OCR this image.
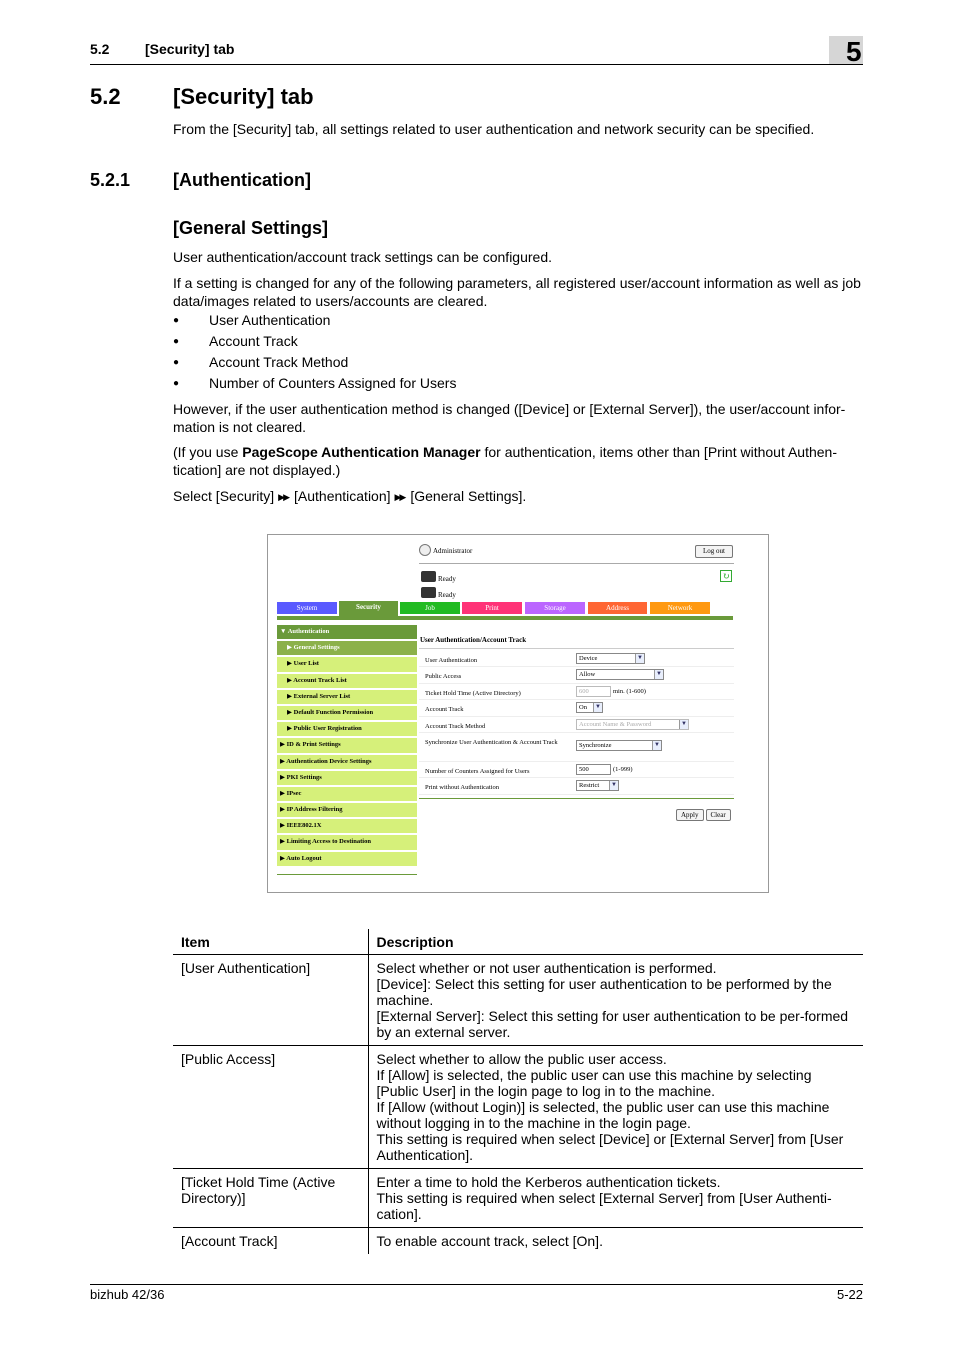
5.2	[Security] tab	5
5.2 [Security] tab
From the [Security] tab, all settings related to user authentication and network security can be specified.
5.2.1 [Authentication]
[General Settings]
User authentication/account track settings can be configured.
If a setting is changed for any of the following parameters, all registered user/account information as well as job data/images related to users/accounts are cleared.
● User Authentication
● Account Track
● Account Track Method
● Number of Counters Assigned for Users
However, if the user authentication method is changed ([Device] or [External Server]), the user/account infor-mation is not cleared.
(If you use PageScope Authentication Manager for authentication, items other than [Print without Authen-tication] are not displayed.)
Select [Security] ▶▶ [Authentication] ▶▶ [General Settings].
Administrator	Log out
Ready
Ready
↻
System	Security	Job	Print	Storage	Address	Network
▼ Authentication
▶ General Settings
▶ User List
▶ Account Track List
▶ External Server List
▶ Default Function Permission
▶ Public User Registration
▶ ID & Print Settings
▶ Authentication Device Settings
▶ PKI Settings
▶ IPsec
▶ IP Address Filtering
▶ IEEE802.1X
▶ Limiting Access to Destination
▶ Auto Logout
User Authentication/Account Track
User Authentication	Device	▼
Public Access	Allow	▼
Ticket Hold Time (Active Directory)	600	min. (1-600)
Account Track	On	▼
Account Track Method	Account Name & Password	▼
Synchronize User Authentication & Account Track	Synchronize	▼
Number of Counters Assigned for Users	500	(1-999)
Print without Authentication	Restrict	▼
Apply Clear
Item	Description
[User Authentication]	Select whether or not user authentication is performed.
[Device]: Select this setting for user authentication to be performed by the machine.
[External Server]: Select this setting for user authentication to be per-formed by an external server.

[Public Access]	Select whether to allow the public user access.
If [Allow] is selected, the public user can use this machine by selecting [Public User] in the login page to log in to the machine.
If [Allow (without Login)] is selected, the public user can use this machine without logging in to the machine in the login page.
This setting is required when select [Device] or [External Server] from [User Authentication].

[Ticket Hold Time (Active Directory)]	Enter a time to hold the Kerberos authentication tickets.
This setting is required when select [External Server] from [User Authenti-cation].

[Account Track]	To enable account track, select [On].
bizhub 42/36	5-22
